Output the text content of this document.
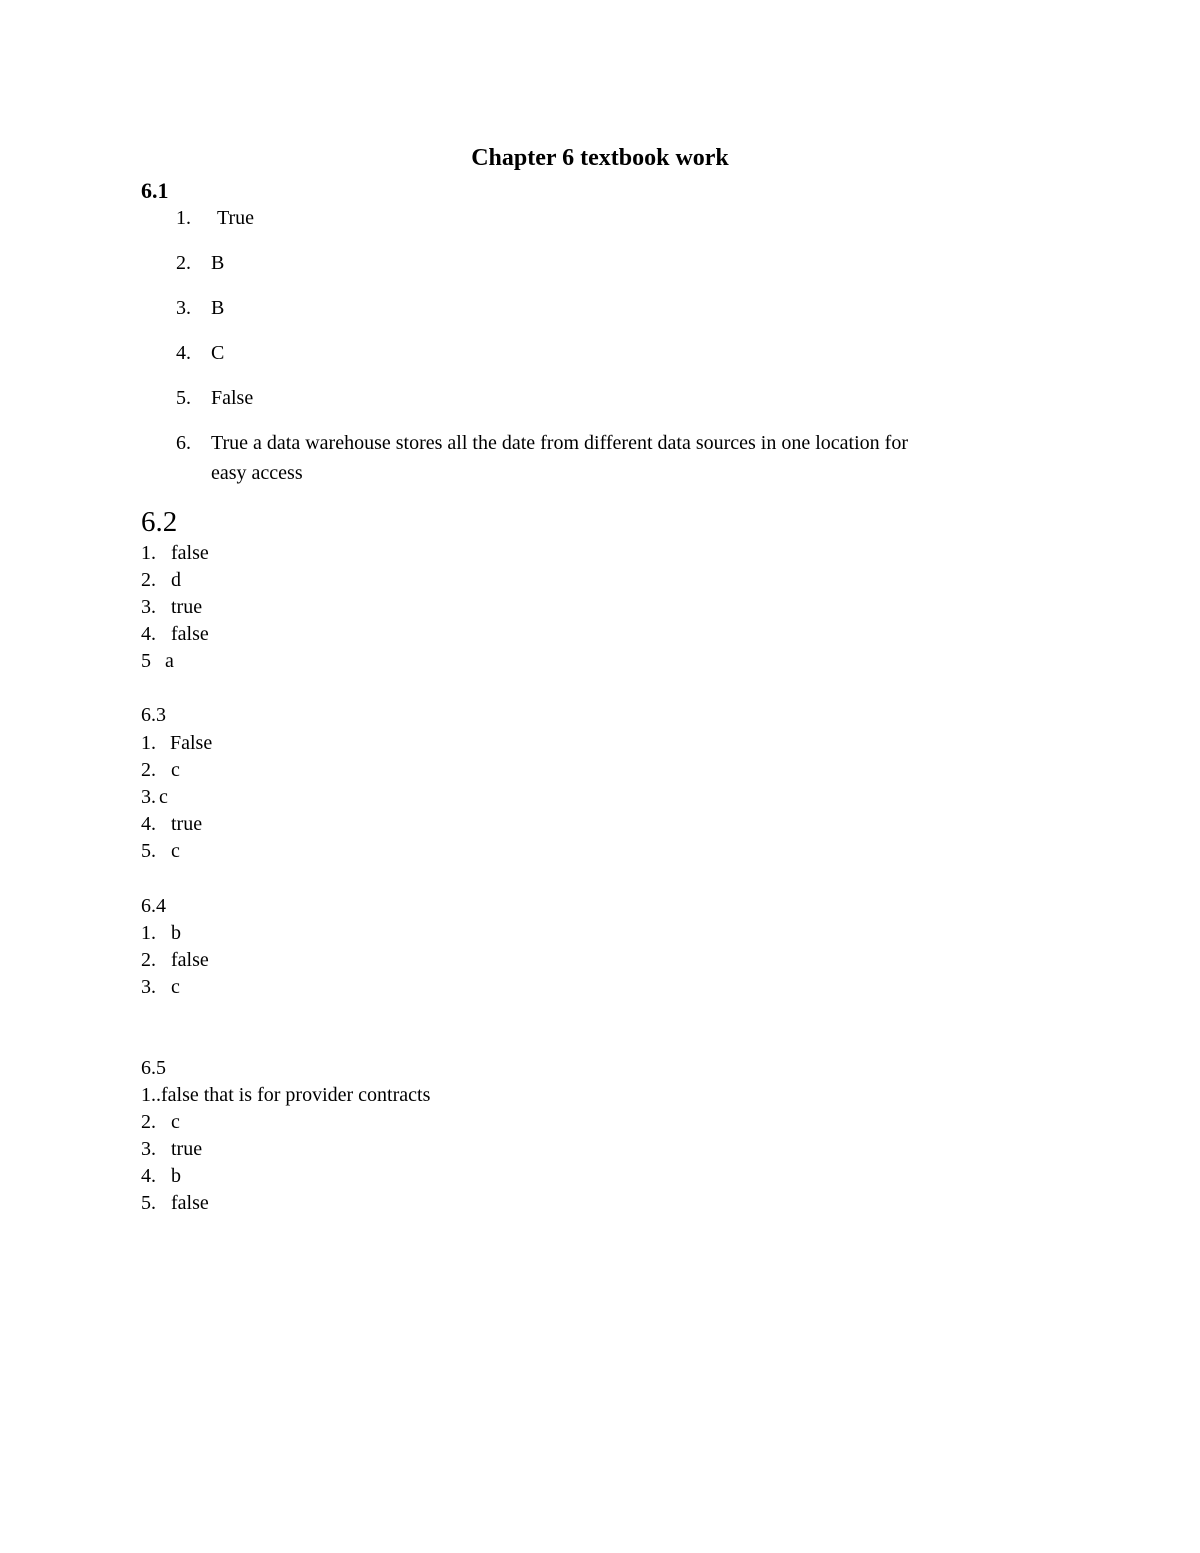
Chapter 6 textbook work
6.1
1. True
2. B
3. B
4. C
5. False
6. True a data warehouse stores all the date from different data sources in one location for
easy access
6.2
1. false
2. d
3. true
4. false
5 a
6.3
1. False
2. c
3. c
4. true
5. c
6.4
1. b
2. false
3. c
6.5
1. .false that is for provider contracts
2. c
3. true
4. b
5. false
